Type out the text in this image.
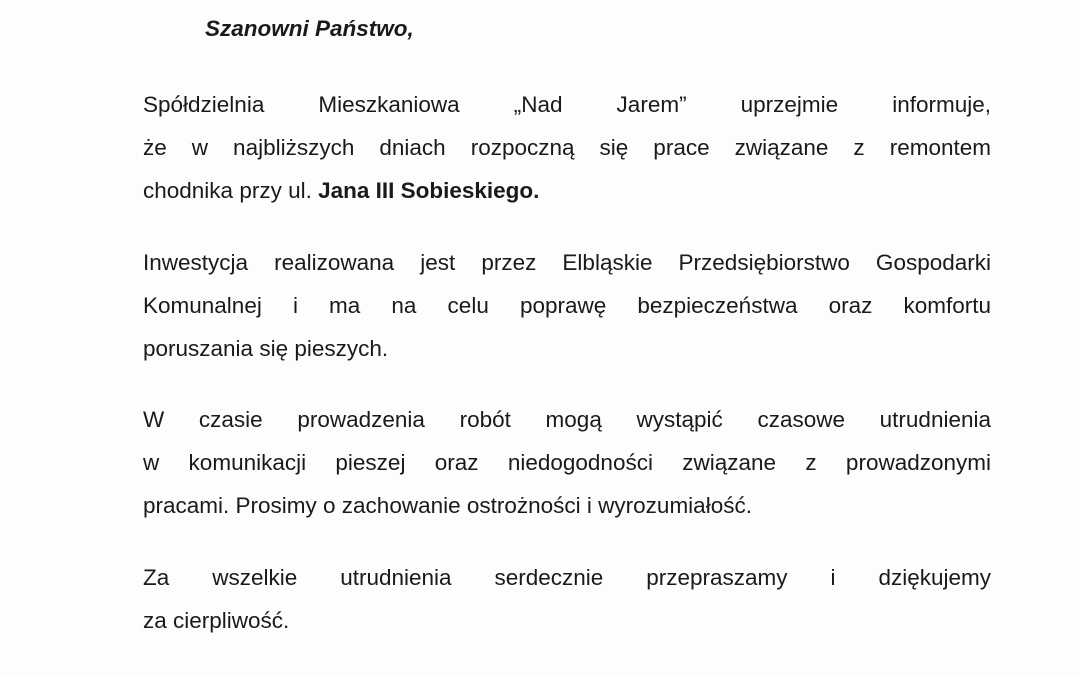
Szanowni Państwo,

Spółdzielnia Mieszkaniowa „Nad Jarem” uprzejmie informuje,
że w najbliższych dniach rozpoczną się prace związane z remontem
chodnika przy ul. Jana III Sobieskiego.
Inwestycja realizowana jest przez Elbląskie Przedsiębiorstwo Gospodarki
Komunalnej i ma na celu poprawę bezpieczeństwa oraz komfortu
poruszania się pieszych.
W czasie prowadzenia robót mogą wystąpić czasowe utrudnienia
w komunikacji pieszej oraz niedogodności związane z prowadzonymi
pracami. Prosimy o zachowanie ostrożności i wyrozumiałość.
Za wszelkie utrudnienia serdecznie przepraszamy i dziękujemy
za cierpliwość.
